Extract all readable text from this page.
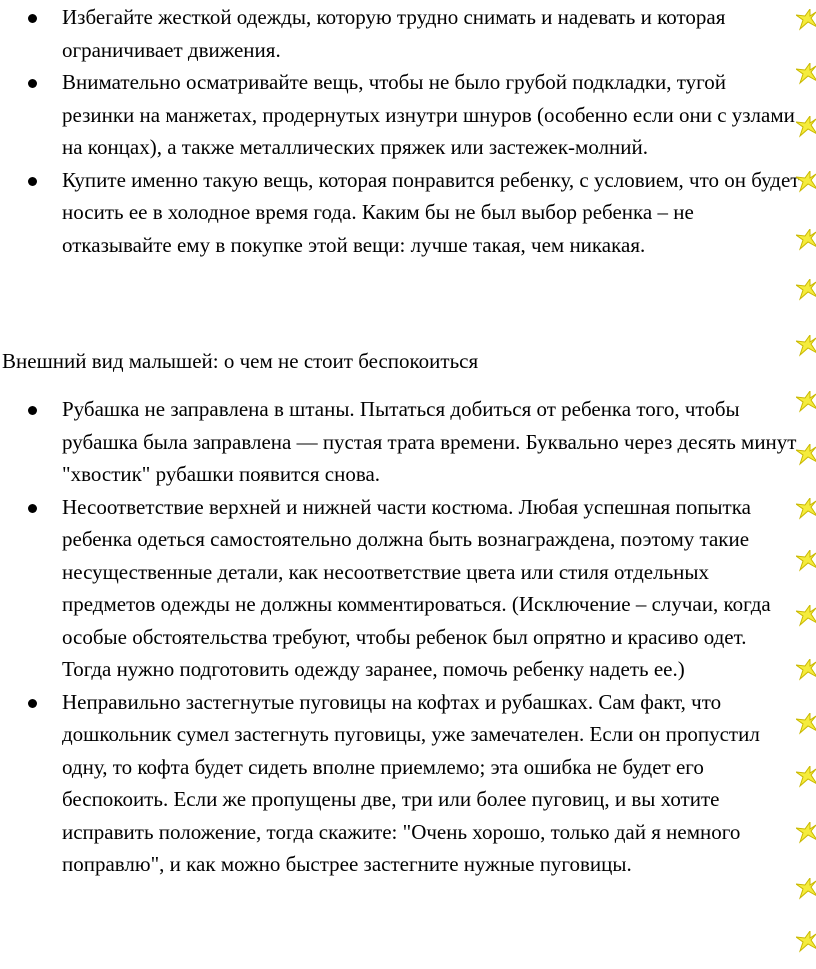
Избегайте жесткой одежды, которую трудно снимать и надевать и которая ограничивает движения.
Внимательно осматривайте вещь, чтобы не было грубой подкладки, тугой резинки на манжетах, продернутых изнутри шнуров (особенно если они с узлами на концах), а также металлических пряжек или застежек-молний.
Купите именно такую вещь, которая понравится ребенку, с условием, что он будет носить ее в холодное время года. Каким бы не был выбор ребенка – не отказывайте ему в покупке этой вещи: лучше такая, чем никакая.

Внешний вид малышей: о чем не стоит беспокоиться

Рубашка не заправлена в штаны. Пытаться добиться от ребенка того, чтобы рубашка была заправлена — пустая трата времени. Буквально через десять минут "хвостик" рубашки появится снова.
Несоответствие верхней и нижней части костюма. Любая успешная попытка ребенка одеться самостоятельно должна быть вознаграждена, поэтому такие несущественные детали, как несоответствие цвета или стиля отдельных предметов одежды не должны комментироваться. (Исключение – случаи, когда особые обстоятельства требуют, чтобы ребенок был опрятно и красиво одет. Тогда нужно подготовить одежду заранее, помочь ребенку надеть ее.)
Неправильно застегнутые пуговицы на кофтах и рубашках. Сам факт, что дошкольник сумел застегнуть пуговицы, уже замечателен. Если он пропустил одну, то кофта будет сидеть вполне приемлемо; эта ошибка не будет его беспокоить. Если же пропущены две, три или более пуговиц, и вы хотите исправить положение, тогда скажите: "Очень хорошо, только дай я немного поправлю", и как можно быстрее застегните нужные пуговицы.
